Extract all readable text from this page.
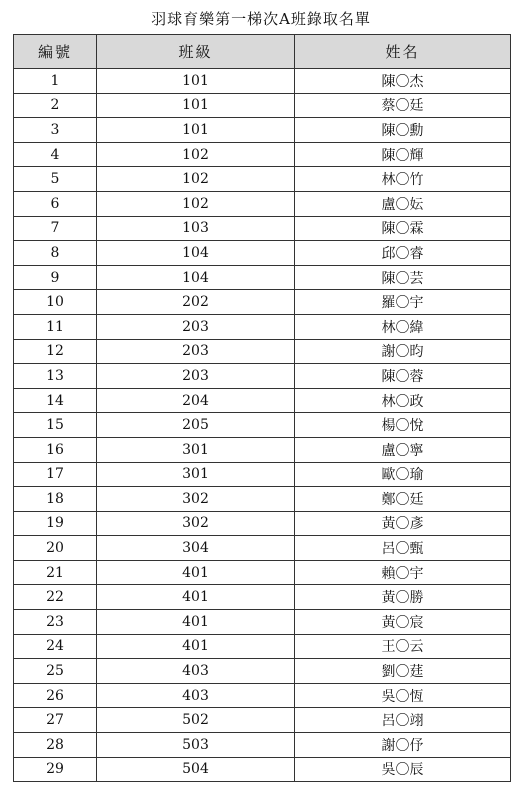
羽球育樂第一梯次A班錄取名單
編號	班級	姓名
1	101	陳〇杰
2	101	蔡〇廷
3	101	陳〇勳
4	102	陳〇輝
5	102	林〇竹
6	102	盧〇妘
7	103	陳〇霖
8	104	邱〇睿
9	104	陳〇芸
10	202	羅〇宇
11	203	林〇緯
12	203	謝〇昀
13	203	陳〇蓉
14	204	林〇政
15	205	楊〇悅
16	301	盧〇寧
17	301	歐〇瑜
18	302	鄭〇廷
19	302	黃〇彥
20	304	呂〇甄
21	401	賴〇宇
22	401	黃〇勝
23	401	黃〇宸
24	401	王〇云
25	403	劉〇莛
26	403	吳〇恆
27	502	呂〇翊
28	503	謝〇伃
29	504	吳〇辰
